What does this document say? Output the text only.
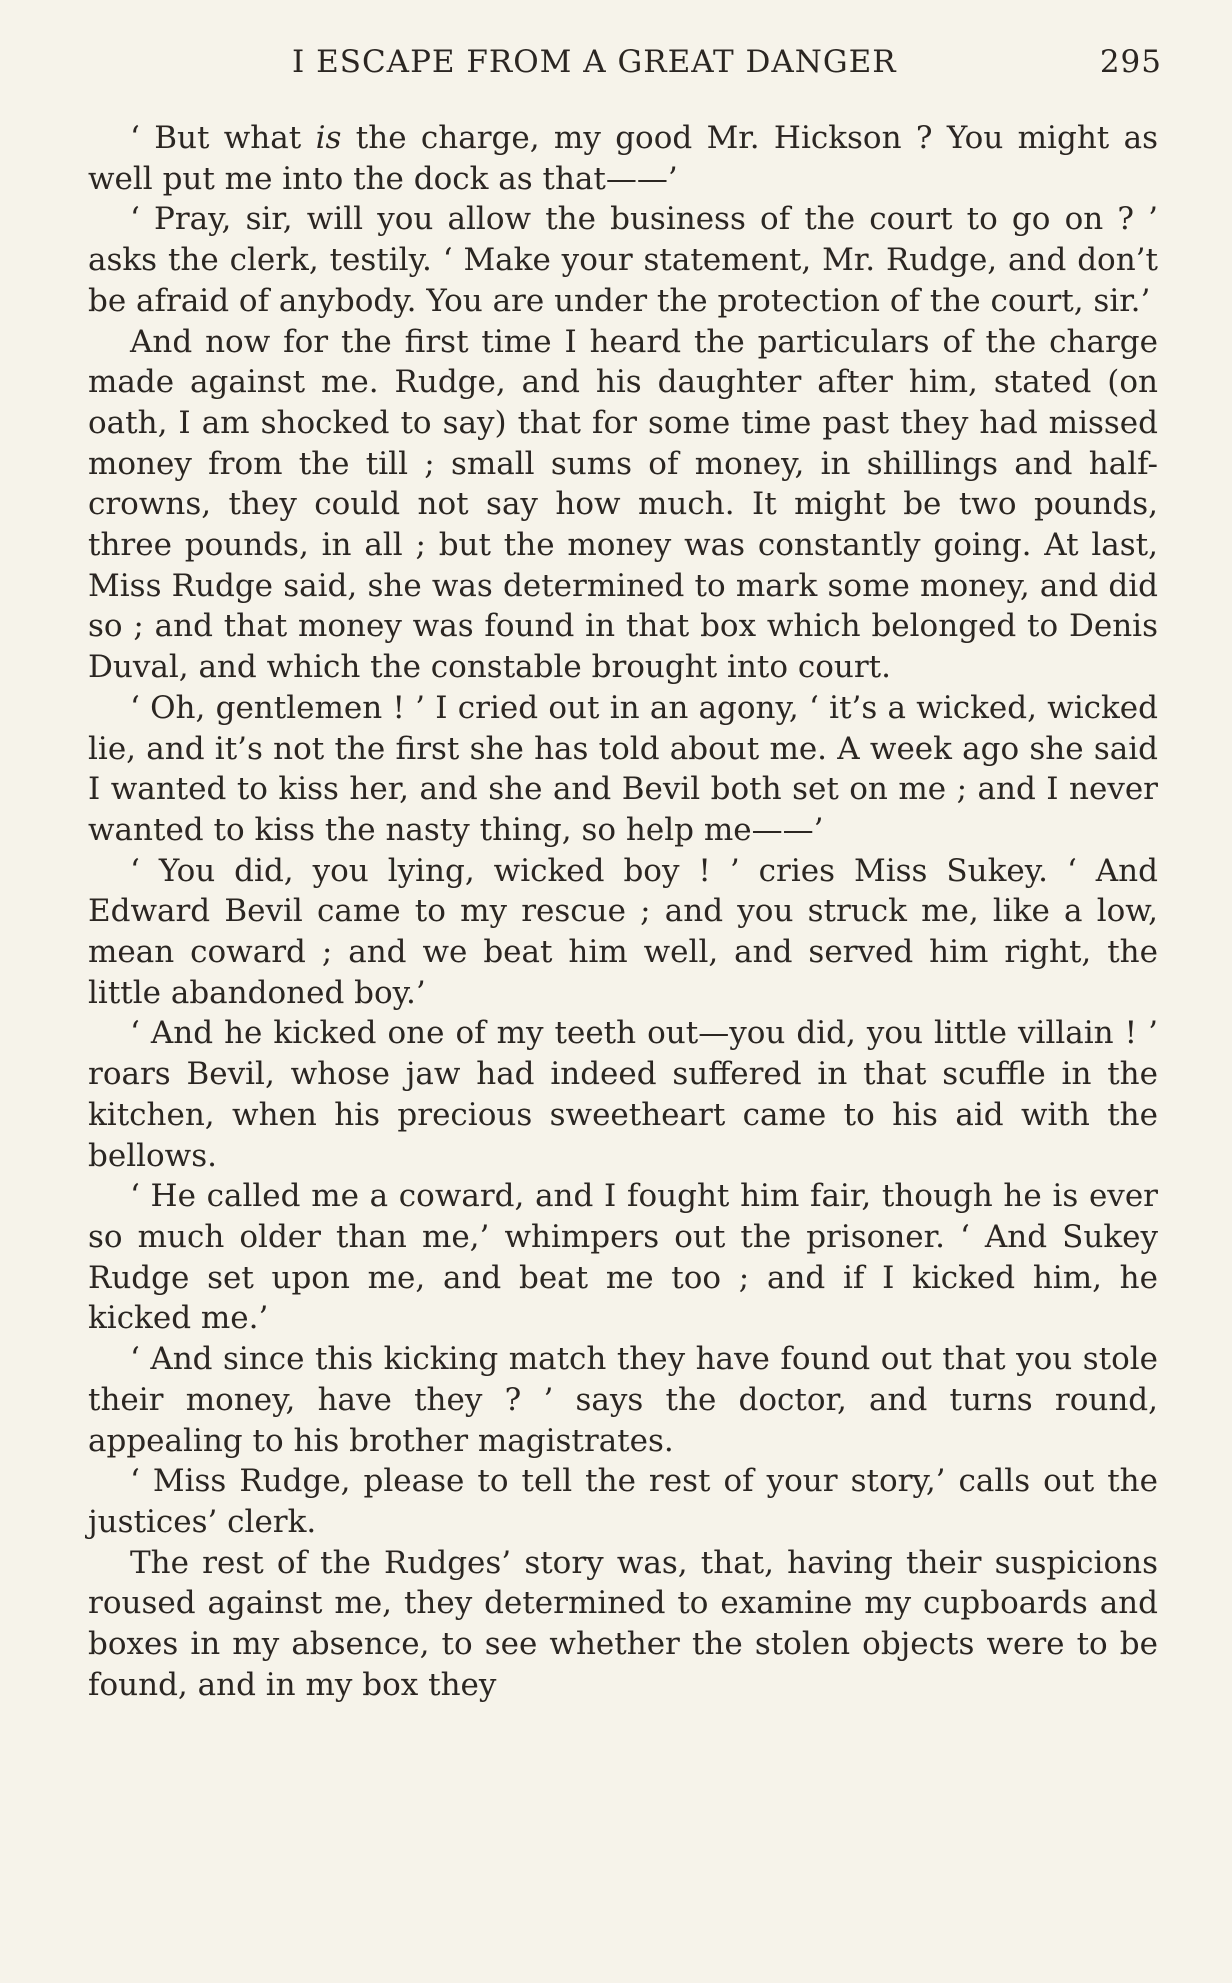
I ESCAPE FROM A GREAT DANGER	295

‘ But what is the charge, my good Mr. Hickson ? You might as well put me into the dock as that——’

‘ Pray, sir, will you allow the business of the court to go on ? ’ asks the clerk, testily. ‘ Make your statement, Mr. Rudge, and don’t be afraid of anybody. You are under the protection of the court, sir.’

And now for the first time I heard the particulars of the charge made against me. Rudge, and his daughter after him, stated (on oath, I am shocked to say) that for some time past they had missed money from the till ; small sums of money, in shillings and half-crowns, they could not say how much. It might be two pounds, three pounds, in all ; but the money was constantly going. At last, Miss Rudge said, she was determined to mark some money, and did so ; and that money was found in that box which belonged to Denis Duval, and which the constable brought into court.

‘ Oh, gentlemen ! ’ I cried out in an agony, ‘ it’s a wicked, wicked lie, and it’s not the first she has told about me. A week ago she said I wanted to kiss her, and she and Bevil both set on me ; and I never wanted to kiss the nasty thing, so help me——’

‘ You did, you lying, wicked boy ! ’ cries Miss Sukey. ‘ And Edward Bevil came to my rescue ; and you struck me, like a low, mean coward ; and we beat him well, and served him right, the little abandoned boy.’

‘ And he kicked one of my teeth out—you did, you little villain ! ’ roars Bevil, whose jaw had indeed suffered in that scuffle in the kitchen, when his precious sweetheart came to his aid with the bellows.

‘ He called me a coward, and I fought him fair, though he is ever so much older than me,’ whimpers out the prisoner. ‘ And Sukey Rudge set upon me, and beat me too ; and if I kicked him, he kicked me.’

‘ And since this kicking match they have found out that you stole their money, have they ? ’ says the doctor, and turns round, appealing to his brother magistrates.

‘ Miss Rudge, please to tell the rest of your story,’ calls out the justices’ clerk.

The rest of the Rudges’ story was, that, having their suspicions roused against me, they determined to examine my cupboards and boxes in my absence, to see whether the stolen objects were to be found, and in my box they
